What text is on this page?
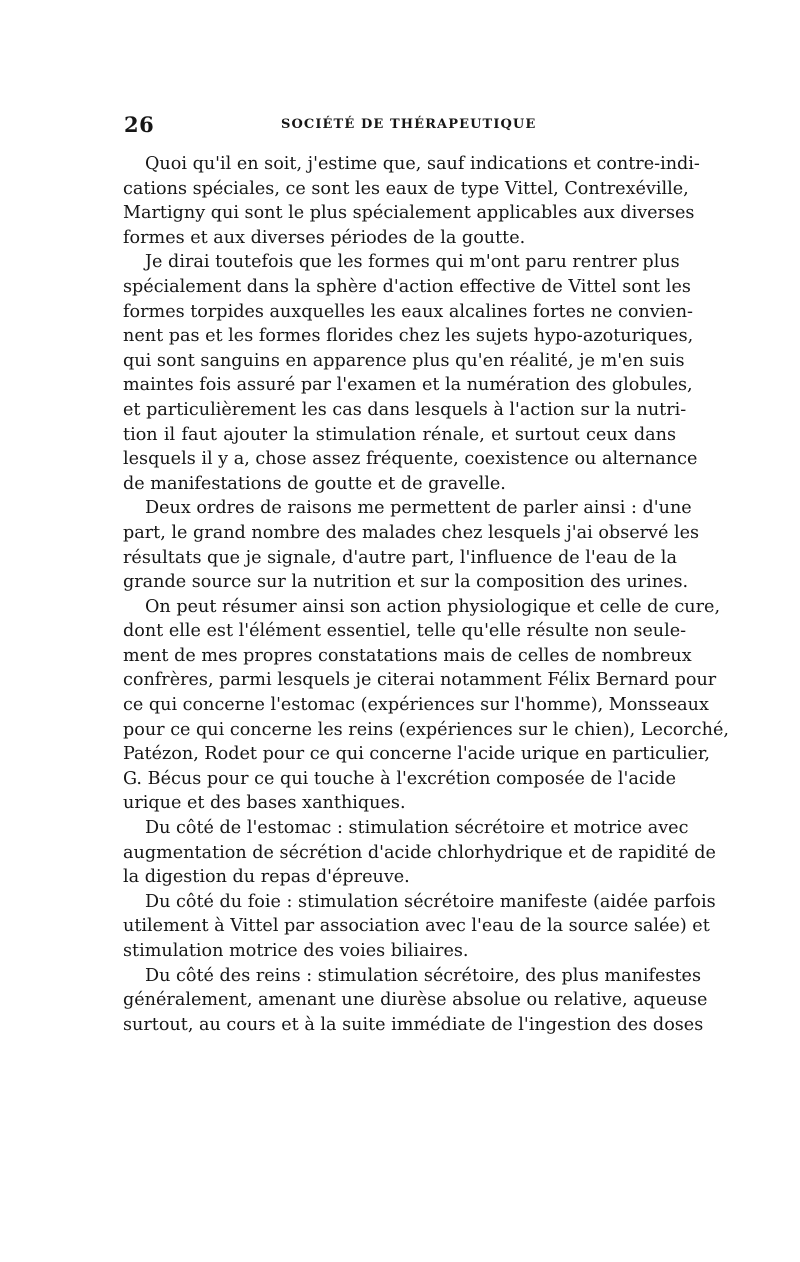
26	SOCIÉTÉ DE THÉRAPEUTIQUE

Quoi qu'il en soit, j'estime que, sauf indications et contre-indi-
cations spéciales, ce sont les eaux de type Vittel, Contrexéville,
Martigny qui sont le plus spécialement applicables aux diverses
formes et aux diverses périodes de la goutte.

Je dirai toutefois que les formes qui m'ont paru rentrer plus
spécialement dans la sphère d'action effective de Vittel sont les
formes torpides auxquelles les eaux alcalines fortes ne convien-
nent pas et les formes florides chez les sujets hypo-azoturiques,
qui sont sanguins en apparence plus qu'en réalité, je m'en suis
maintes fois assuré par l'examen et la numération des globules,
et particulièrement les cas dans lesquels à l'action sur la nutri-
tion il faut ajouter la stimulation rénale, et surtout ceux dans
lesquels il y a, chose assez fréquente, coexistence ou alternance
de manifestations de goutte et de gravelle.

Deux ordres de raisons me permettent de parler ainsi : d'une
part, le grand nombre des malades chez lesquels j'ai observé les
résultats que je signale, d'autre part, l'influence de l'eau de la
grande source sur la nutrition et sur la composition des urines.

On peut résumer ainsi son action physiologique et celle de cure,
dont elle est l'élément essentiel, telle qu'elle résulte non seule-
ment de mes propres constatations mais de celles de nombreux
confrères, parmi lesquels je citerai notamment Félix Bernard pour
ce qui concerne l'estomac (expériences sur l'homme), Monsseaux
pour ce qui concerne les reins (expériences sur le chien), Lecorché,
Patézon, Rodet pour ce qui concerne l'acide urique en particulier,
G. Bécus pour ce qui touche à l'excrétion composée de l'acide
urique et des bases xanthiques.

Du côté de l'estomac : stimulation sécrétoire et motrice avec
augmentation de sécrétion d'acide chlorhydrique et de rapidité de
la digestion du repas d'épreuve.

Du côté du foie : stimulation sécrétoire manifeste (aidée parfois
utilement à Vittel par association avec l'eau de la source salée) et
stimulation motrice des voies biliaires.

Du côté des reins : stimulation sécrétoire, des plus manifestes
généralement, amenant une diurèse absolue ou relative, aqueuse
surtout, au cours et à la suite immédiate de l'ingestion des doses
